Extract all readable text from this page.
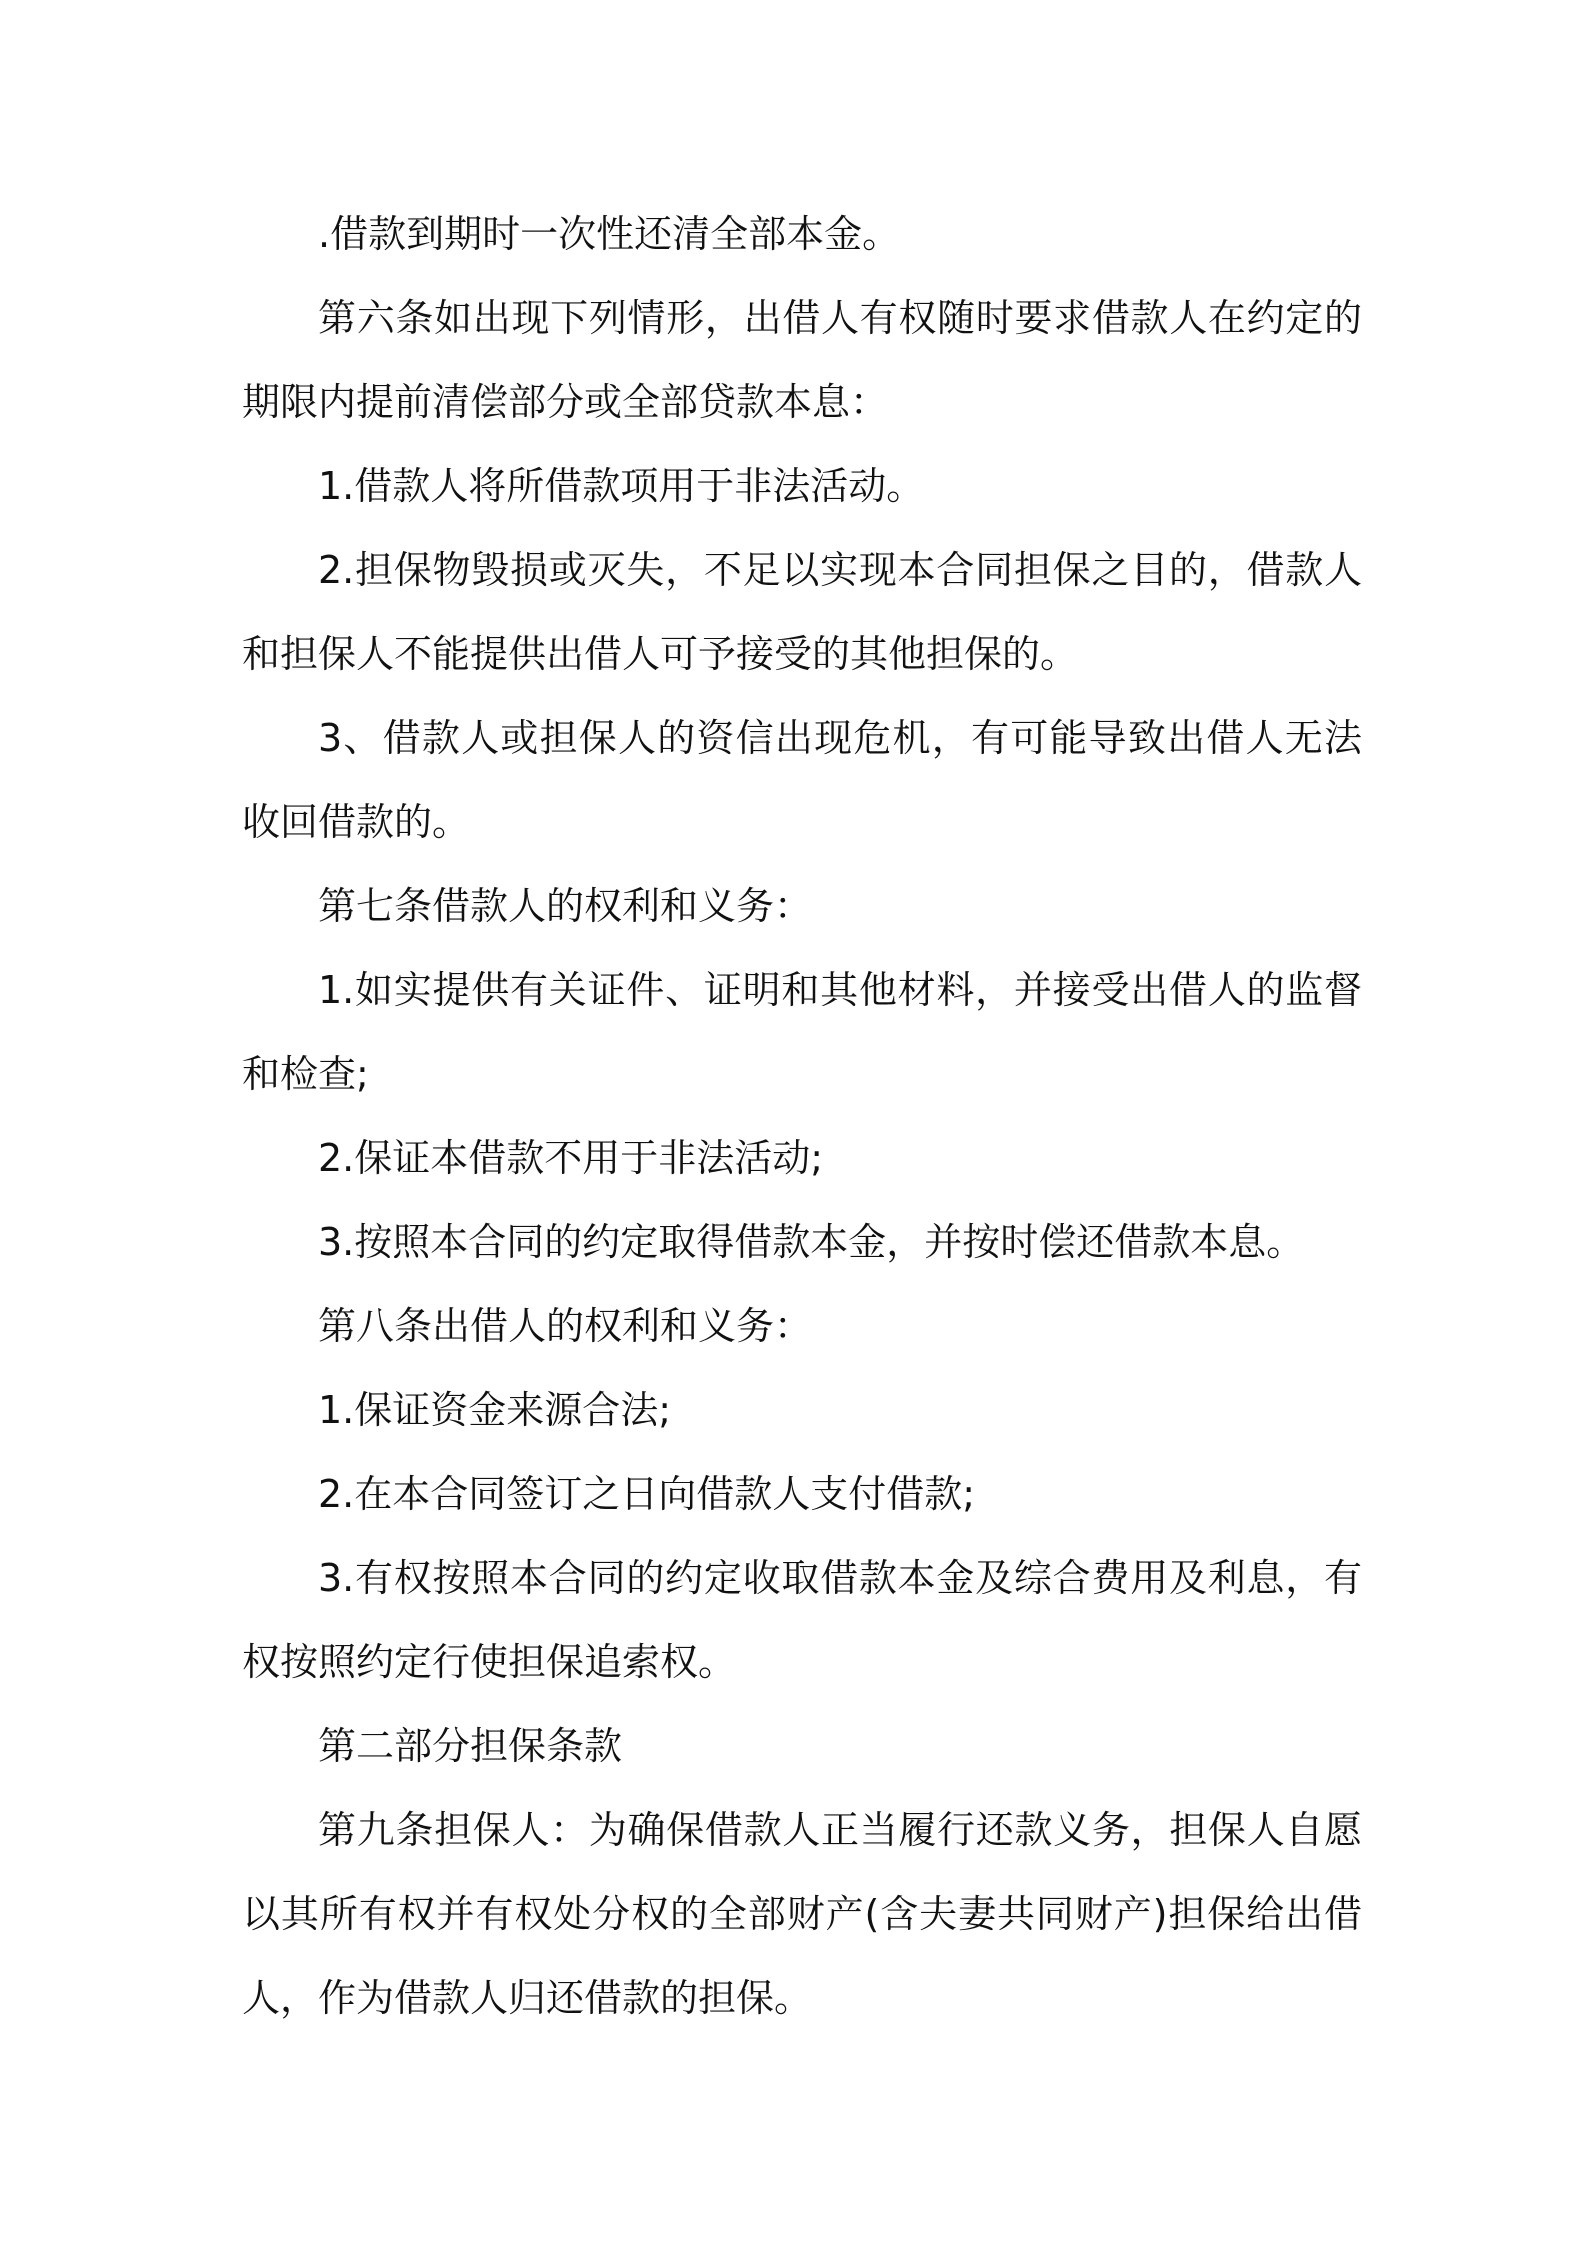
.借款到期时一次性还清全部本金。

第六条如出现下列情形，出借人有权随时要求借款人在约定的期限内提前清偿部分或全部贷款本息：

1.借款人将所借款项用于非法活动。

2.担保物毁损或灭失，不足以实现本合同担保之目的，借款人和担保人不能提供出借人可予接受的其他担保的。

3、借款人或担保人的资信出现危机，有可能导致出借人无法收回借款的。

第七条借款人的权利和义务：

1.如实提供有关证件、证明和其他材料，并接受出借人的监督和检查;

2.保证本借款不用于非法活动;

3.按照本合同的约定取得借款本金，并按时偿还借款本息。

第八条出借人的权利和义务：

1.保证资金来源合法;

2.在本合同签订之日向借款人支付借款;

3.有权按照本合同的约定收取借款本金及综合费用及利息，有权按照约定行使担保追索权。

第二部分担保条款

第九条担保人：为确保借款人正当履行还款义务，担保人自愿以其所有权并有权处分权的全部财产(含夫妻共同财产)担保给出借人，作为借款人归还借款的担保。
